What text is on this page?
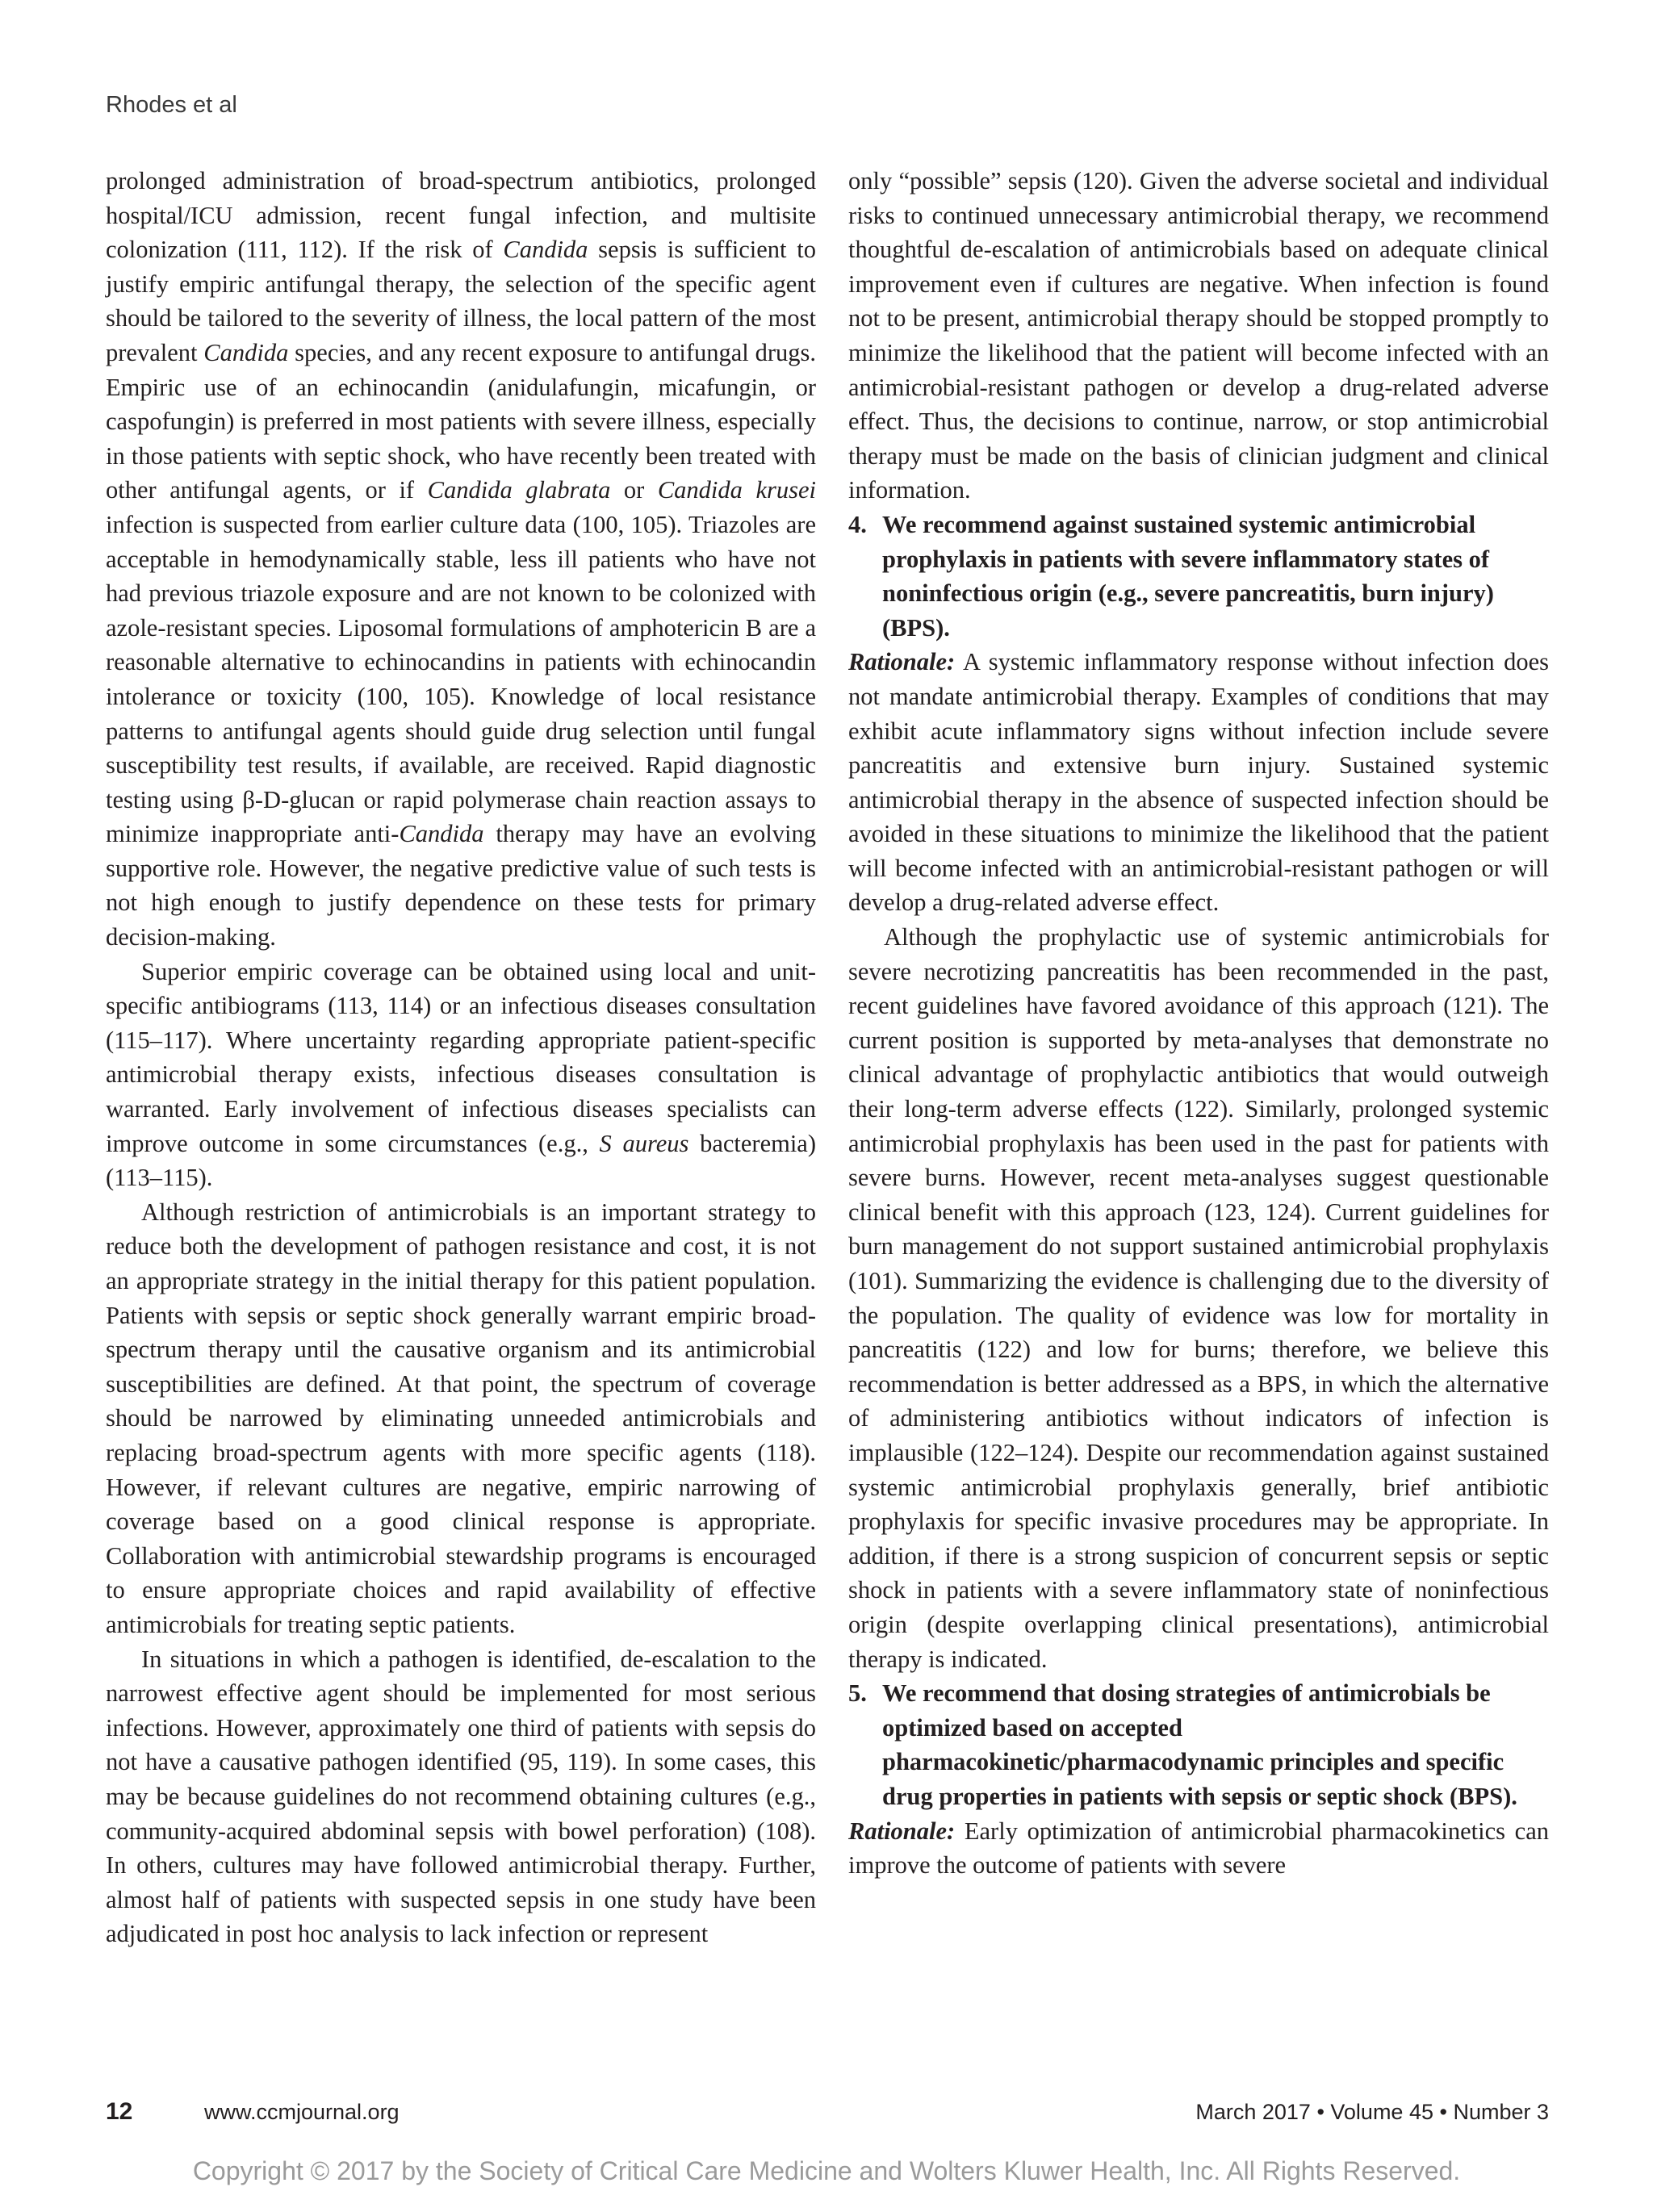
Rhodes et al

prolonged administration of broad-spectrum antibiotics, prolonged hospital/ICU admission, recent fungal infection, and multisite colonization (111, 112). If the risk of Candida sepsis is sufficient to justify empiric antifungal therapy, the selection of the specific agent should be tailored to the severity of illness, the local pattern of the most prevalent Candida species, and any recent exposure to antifungal drugs. Empiric use of an echinocandin (anidulafungin, micafungin, or caspofungin) is preferred in most patients with severe illness, especially in those patients with septic shock, who have recently been treated with other antifungal agents, or if Candida glabrata or Candida krusei infection is suspected from earlier culture data (100, 105). Triazoles are acceptable in hemodynamically stable, less ill patients who have not had previous triazole exposure and are not known to be colonized with azole-resistant species. Liposomal formulations of amphotericin B are a reasonable alternative to echinocandins in patients with echinocandin intolerance or toxicity (100, 105). Knowledge of local resistance patterns to antifungal agents should guide drug selection until fungal susceptibility test results, if available, are received. Rapid diagnostic testing using β-D-glucan or rapid polymerase chain reaction assays to minimize inappropriate anti-Candida therapy may have an evolving supportive role. However, the negative predictive value of such tests is not high enough to justify dependence on these tests for primary decision-making.

Superior empiric coverage can be obtained using local and unit-specific antibiograms (113, 114) or an infectious diseases consultation (115–117). Where uncertainty regarding appropriate patient-specific antimicrobial therapy exists, infectious diseases consultation is warranted. Early involvement of infectious diseases specialists can improve outcome in some circumstances (e.g., S aureus bacteremia) (113–115).

Although restriction of antimicrobials is an important strategy to reduce both the development of pathogen resistance and cost, it is not an appropriate strategy in the initial therapy for this patient population. Patients with sepsis or septic shock generally warrant empiric broad-spectrum therapy until the causative organism and its antimicrobial susceptibilities are defined. At that point, the spectrum of coverage should be narrowed by eliminating unneeded antimicrobials and replacing broad-spectrum agents with more specific agents (118). However, if relevant cultures are negative, empiric narrowing of coverage based on a good clinical response is appropriate. Collaboration with antimicrobial stewardship programs is encouraged to ensure appropriate choices and rapid availability of effective antimicrobials for treating septic patients.

In situations in which a pathogen is identified, de-escalation to the narrowest effective agent should be implemented for most serious infections. However, approximately one third of patients with sepsis do not have a causative pathogen identified (95, 119). In some cases, this may be because guidelines do not recommend obtaining cultures (e.g., community-acquired abdominal sepsis with bowel perforation) (108). In others, cultures may have followed antimicrobial therapy. Further, almost half of patients with suspected sepsis in one study have been adjudicated in post hoc analysis to lack infection or represent

only “possible” sepsis (120). Given the adverse societal and individual risks to continued unnecessary antimicrobial therapy, we recommend thoughtful de-escalation of antimicrobials based on adequate clinical improvement even if cultures are negative. When infection is found not to be present, antimicrobial therapy should be stopped promptly to minimize the likelihood that the patient will become infected with an antimicrobial-resistant pathogen or develop a drug-related adverse effect. Thus, the decisions to continue, narrow, or stop antimicrobial therapy must be made on the basis of clinician judgment and clinical information.

4. We recommend against sustained systemic antimicrobial prophylaxis in patients with severe inflammatory states of noninfectious origin (e.g., severe pancreatitis, burn injury) (BPS).

Rationale: A systemic inflammatory response without infection does not mandate antimicrobial therapy. Examples of conditions that may exhibit acute inflammatory signs without infection include severe pancreatitis and extensive burn injury. Sustained systemic antimicrobial therapy in the absence of suspected infection should be avoided in these situations to minimize the likelihood that the patient will become infected with an antimicrobial-resistant pathogen or will develop a drug-related adverse effect.

Although the prophylactic use of systemic antimicrobials for severe necrotizing pancreatitis has been recommended in the past, recent guidelines have favored avoidance of this approach (121). The current position is supported by meta-analyses that demonstrate no clinical advantage of prophylactic antibiotics that would outweigh their long-term adverse effects (122). Similarly, prolonged systemic antimicrobial prophylaxis has been used in the past for patients with severe burns. However, recent meta-analyses suggest questionable clinical benefit with this approach (123, 124). Current guidelines for burn management do not support sustained antimicrobial prophylaxis (101). Summarizing the evidence is challenging due to the diversity of the population. The quality of evidence was low for mortality in pancreatitis (122) and low for burns; therefore, we believe this recommendation is better addressed as a BPS, in which the alternative of administering antibiotics without indicators of infection is implausible (122–124). Despite our recommendation against sustained systemic antimicrobial prophylaxis generally, brief antibiotic prophylaxis for specific invasive procedures may be appropriate. In addition, if there is a strong suspicion of concurrent sepsis or septic shock in patients with a severe inflammatory state of noninfectious origin (despite overlapping clinical presentations), antimicrobial therapy is indicated.

5. We recommend that dosing strategies of antimicrobials be optimized based on accepted pharmacokinetic/pharmacodynamic principles and specific drug properties in patients with sepsis or septic shock (BPS).

Rationale: Early optimization of antimicrobial pharmacokinetics can improve the outcome of patients with severe

12	www.ccmjournal.org	March 2017 • Volume 45 • Number 3
Copyright © 2017 by the Society of Critical Care Medicine and Wolters Kluwer Health, Inc. All Rights Reserved.
